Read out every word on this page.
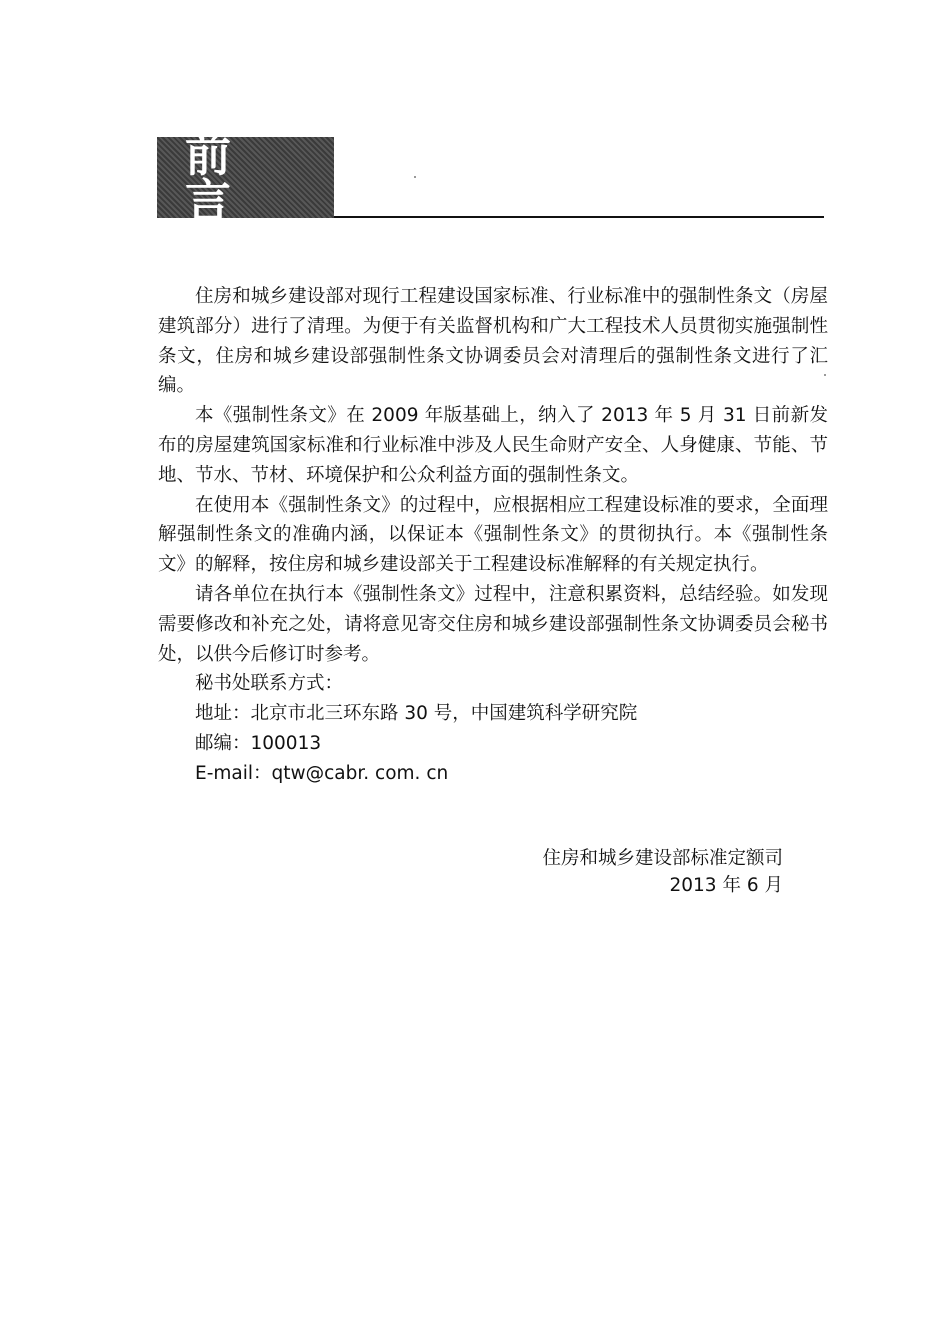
前 言

住房和城乡建设部对现行工程建设国家标准、行业标准中的强制性条文（房屋建筑部分）进行了清理。为便于有关监督机构和广大工程技术人员贯彻实施强制性条文，住房和城乡建设部强制性条文协调委员会对清理后的强制性条文进行了汇编。

本《强制性条文》在 2009 年版基础上，纳入了 2013 年 5 月 31 日前新发布的房屋建筑国家标准和行业标准中涉及人民生命财产安全、人身健康、节能、节地、节水、节材、环境保护和公众利益方面的强制性条文。

在使用本《强制性条文》的过程中，应根据相应工程建设标准的要求，全面理解强制性条文的准确内涵，以保证本《强制性条文》的贯彻执行。本《强制性条文》的解释，按住房和城乡建设部关于工程建设标准解释的有关规定执行。

请各单位在执行本《强制性条文》过程中，注意积累资料，总结经验。如发现需要修改和补充之处，请将意见寄交住房和城乡建设部强制性条文协调委员会秘书处，以供今后修订时参考。

秘书处联系方式：

地址：北京市北三环东路 30 号，中国建筑科学研究院

邮编：100013

E-mail：qtw@cabr. com. cn

住房和城乡建设部标准定额司
2013 年 6 月
